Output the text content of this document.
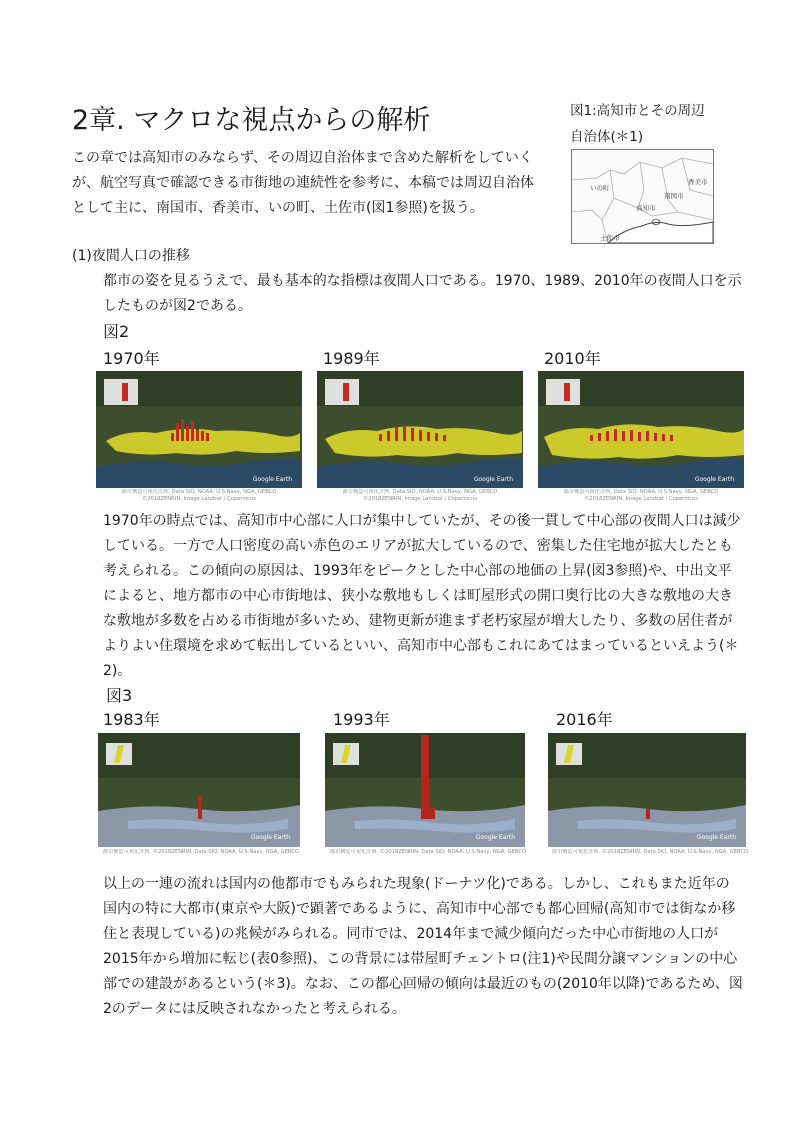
2章. マクロな視点からの解析

この章では高知市のみならず、その周辺自治体まで含めた解析をしていくが、航空写真で確認できる市街地の連続性を参考に、本稿では周辺自治体として主に、南国市、香美市、いの町、土佐市(図1参照)を扱う。

図1:高知市とその周辺
自治体(＊1)
香美市
いの町
南国市
高知市
土佐市
(1)夜間人口の推移

都市の姿を見るうえで、最も基本的な指標は夜間人口である。1970、1989、2010年の夜間人口を示したものが図2である。

図2
1970年	1989年	2010年
Google Earth
都市構造可視化計画, Data SIO, NOAA, U.S.Navy, NGA, GEBCO
©2018ZENRIN, Image Landsat / Copernicus
Google Earth
都市構造可視化計画, Data SIO, NOAA, U.S.Navy, NGA, GEBCO
©2018ZENRIN, Image Landsat / Copernicus
Google Earth
都市構造可視化計画, Data SIO, NOAA, U.S.Navy, NGA, GEBCO
©2018ZENRIN, Image Landsat / Copernicus

1970年の時点では、高知市中心部に人口が集中していたが、その後一貫して中心部の夜間人口は減少している。一方で人口密度の高い赤色のエリアが拡大しているので、密集した住宅地が拡大したとも考えられる。この傾向の原因は、1993年をピークとした中心部の地価の上昇(図3参照)や、中出文平によると、地方都市の中心市街地は、狭小な敷地もしくは町屋形式の開口奥行比の大きな敷地の大きな敷地が多数を占める市街地が多いため、建物更新が進まず老朽家屋が増大したり、多数の居住者がよりよい住環境を求めて転出しているといい、高知市中心部もこれにあてはまっているといえよう(＊2)。

図3
1983年	1993年	2016年
Google Earth
都市構造可視化計画, ©2018ZENRIN, Data SIO, NOAA, U.S.Navy, NGA, GEBCO
Google Earth
都市構造可視化計画, ©2018ZENRIN, Data SIO, NOAA, U.S.Navy, NGA, GEBCO
Google Earth
都市構造可視化計画, ©2018ZENRIN, Data SIO, NOAA, U.S.Navy, NGA, GEBCO

以上の一連の流れは国内の他都市でもみられた現象(ドーナツ化)である。しかし、これもまた近年の国内の特に大都市(東京や大阪)で顕著であるように、高知市中心部でも都心回帰(高知市では街なか移住と表現している)の兆候がみられる。同市では、2014年まで減少傾向だった中心市街地の人口が2015年から増加に転じ(表0参照)、この背景には帯屋町チェントロ(注1)や民間分譲マンションの中心部での建設があるという(＊3)。なお、この都心回帰の傾向は最近のもの(2010年以降)であるため、図2のデータには反映されなかったと考えられる。
